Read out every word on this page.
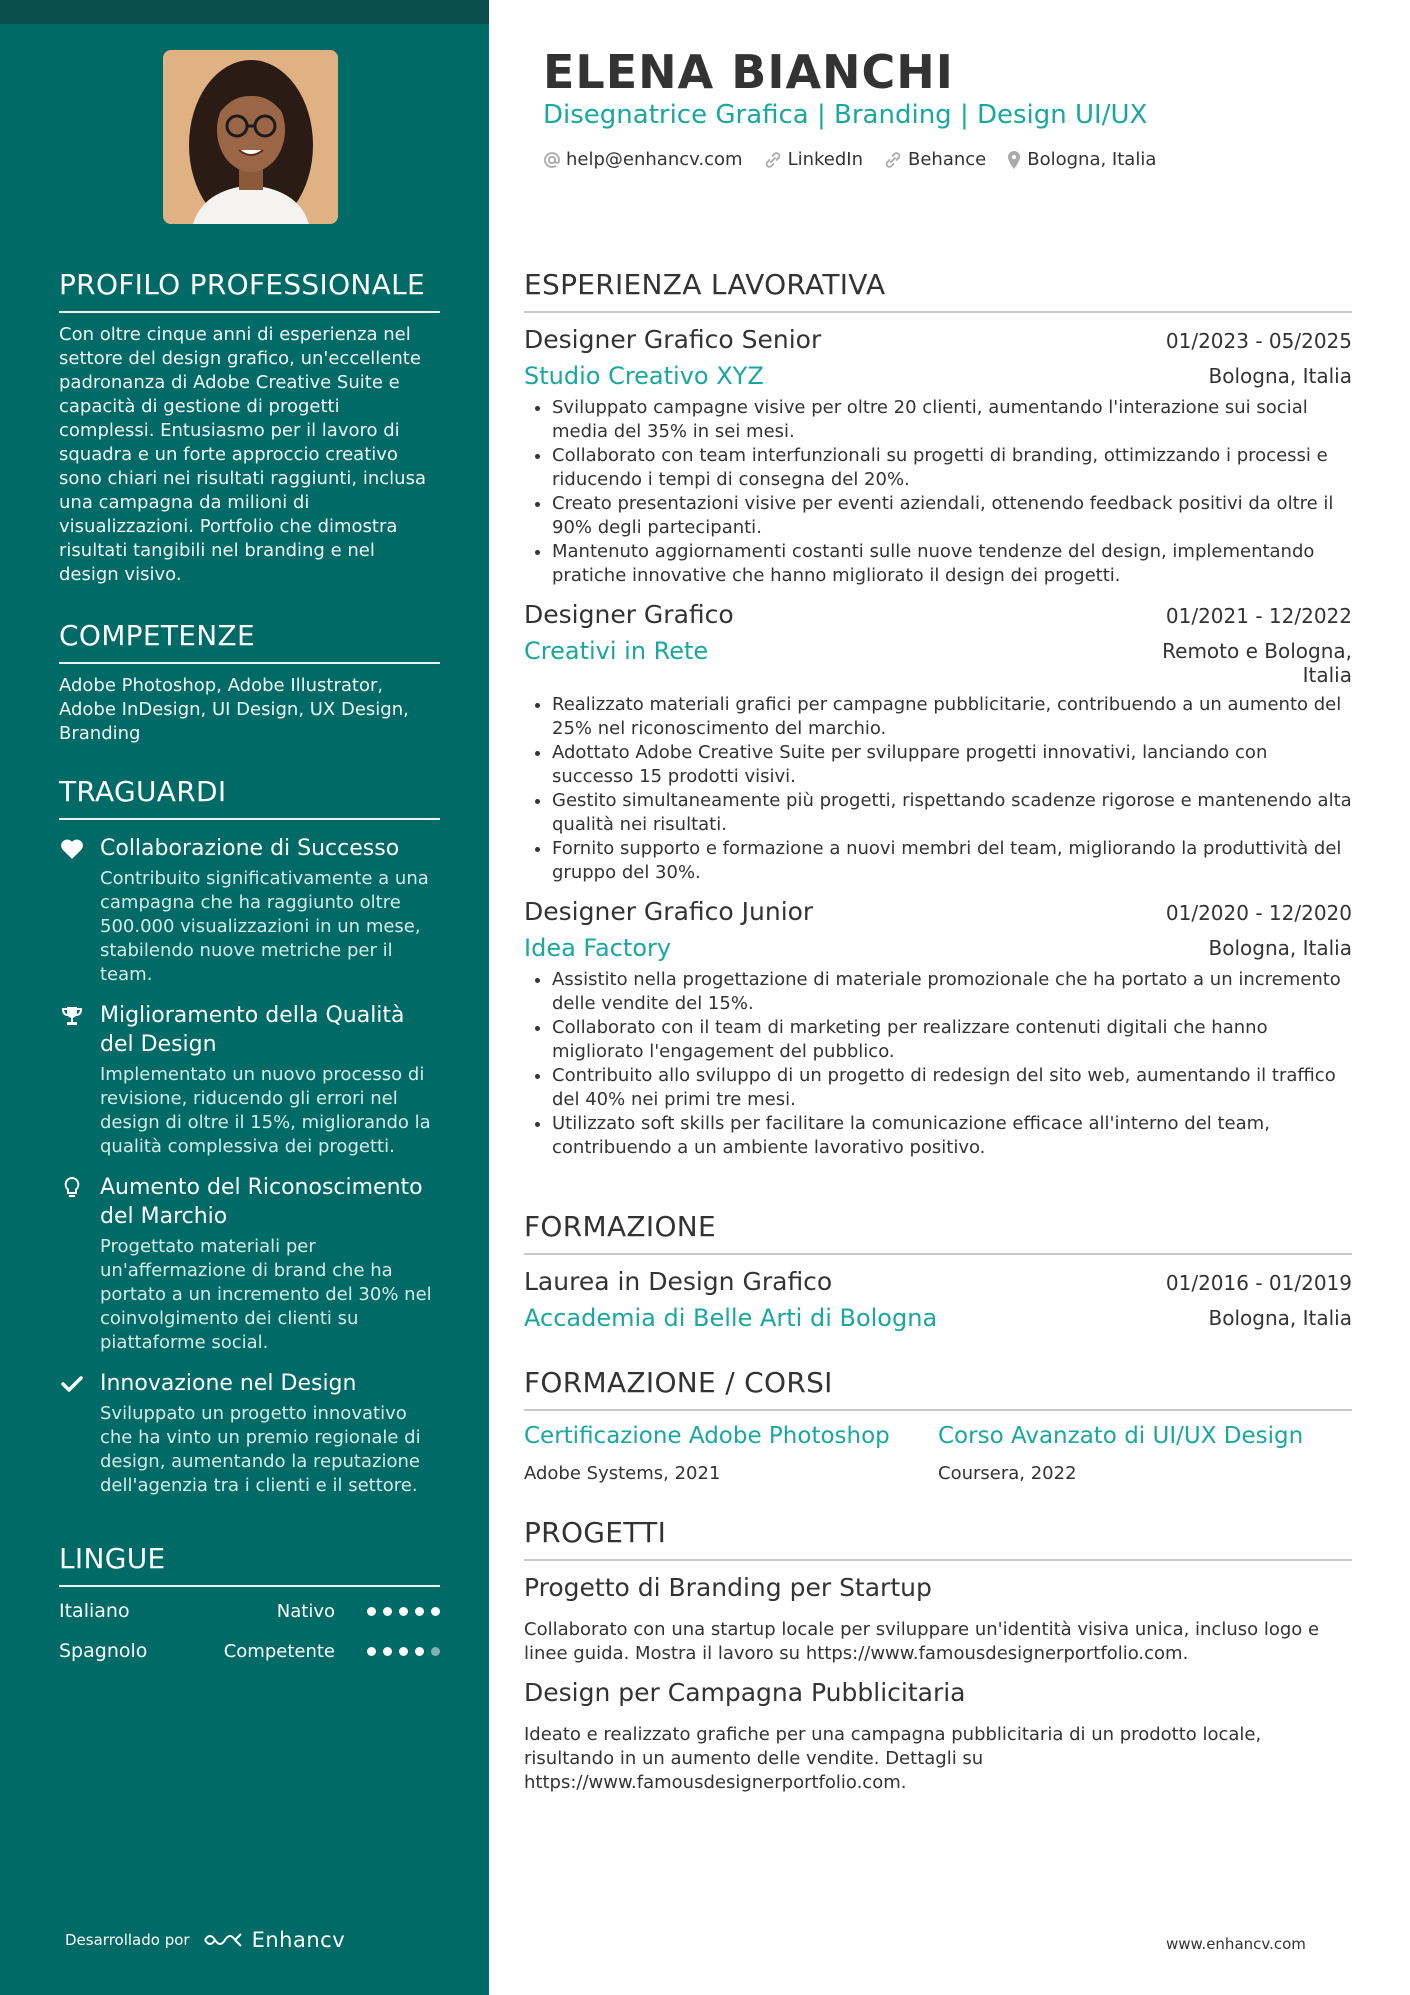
PROFILO PROFESSIONALE
Con oltre cinque anni di esperienza nel settore del design grafico, un'eccellente padronanza di Adobe Creative Suite e capacità di gestione di progetti complessi. Entusiasmo per il lavoro di squadra e un forte approccio creativo sono chiari nei risultati raggiunti, inclusa una campagna da milioni di visualizzazioni. Portfolio che dimostra risultati tangibili nel branding e nel design visivo.
COMPETENZE
Adobe Photoshop, Adobe Illustrator, Adobe InDesign, UI Design, UX Design, Branding
TRAGUARDI
Collaborazione di Successo
Contribuito significativamente a una campagna che ha raggiunto oltre 500.000 visualizzazioni in un mese, stabilendo nuove metriche per il team.
Miglioramento della Qualità del Design
Implementato un nuovo processo di revisione, riducendo gli errori nel design di oltre il 15%, migliorando la qualità complessiva dei progetti.
Aumento del Riconoscimento del Marchio
Progettato materiali per un'affermazione di brand che ha portato a un incremento del 30% nel coinvolgimento dei clienti su piattaforme social.
Innovazione nel Design
Sviluppato un progetto innovativo che ha vinto un premio regionale di design, aumentando la reputazione dell'agenzia tra i clienti e il settore.
LINGUE
Italiano	Nativo
Spagnolo	Competente
Desarrollado por	Enhancv
ELENA BIANCHI
Disegnatrice Grafica | Branding | Design UI/UX
help@enhancv.com	LinkedIn	Behance Bologna, Italia
ESPERIENZA LAVORATIVA
Designer Grafico Senior	01/2023 - 05/2025
Studio Creativo XYZ	Bologna, Italia
• Sviluppato campagne visive per oltre 20 clienti, aumentando l'interazione sui social media del 35% in sei mesi.
• Collaborato con team interfunzionali su progetti di branding, ottimizzando i processi e riducendo i tempi di consegna del 20%.
• Creato presentazioni visive per eventi aziendali, ottenendo feedback positivi da oltre il 90% degli partecipanti.
• Mantenuto aggiornamenti costanti sulle nuove tendenze del design, implementando pratiche innovative che hanno migliorato il design dei progetti.
Designer Grafico	01/2021 - 12/2022
Creativi in Rete	Remoto e Bologna, Italia
• Realizzato materiali grafici per campagne pubblicitarie, contribuendo a un aumento del 25% nel riconoscimento del marchio.
• Adottato Adobe Creative Suite per sviluppare progetti innovativi, lanciando con successo 15 prodotti visivi.
• Gestito simultaneamente più progetti, rispettando scadenze rigorose e mantenendo alta qualità nei risultati.
• Fornito supporto e formazione a nuovi membri del team, migliorando la produttività del gruppo del 30%.
Designer Grafico Junior	01/2020 - 12/2020
Idea Factory	Bologna, Italia
• Assistito nella progettazione di materiale promozionale che ha portato a un incremento delle vendite del 15%.
• Collaborato con il team di marketing per realizzare contenuti digitali che hanno migliorato l'engagement del pubblico.
• Contribuito allo sviluppo di un progetto di redesign del sito web, aumentando il traffico del 40% nei primi tre mesi.
• Utilizzato soft skills per facilitare la comunicazione efficace all'interno del team, contribuendo a un ambiente lavorativo positivo.
FORMAZIONE
Laurea in Design Grafico	01/2016 - 01/2019
Accademia di Belle Arti di Bologna	Bologna, Italia
FORMAZIONE / CORSI
Certificazione Adobe Photoshop
Adobe Systems, 2021
Corso Avanzato di UI/UX Design
Coursera, 2022
PROGETTI
Progetto di Branding per Startup
Collaborato con una startup locale per sviluppare un'identità visiva unica, incluso logo e linee guida. Mostra il lavoro su https://www.famousdesignerportfolio.com.
Design per Campagna Pubblicitaria
Ideato e realizzato grafiche per una campagna pubblicitaria di un prodotto locale, risultando in un aumento delle vendite. Dettagli su https://www.famousdesignerportfolio.com.
www.enhancv.com
